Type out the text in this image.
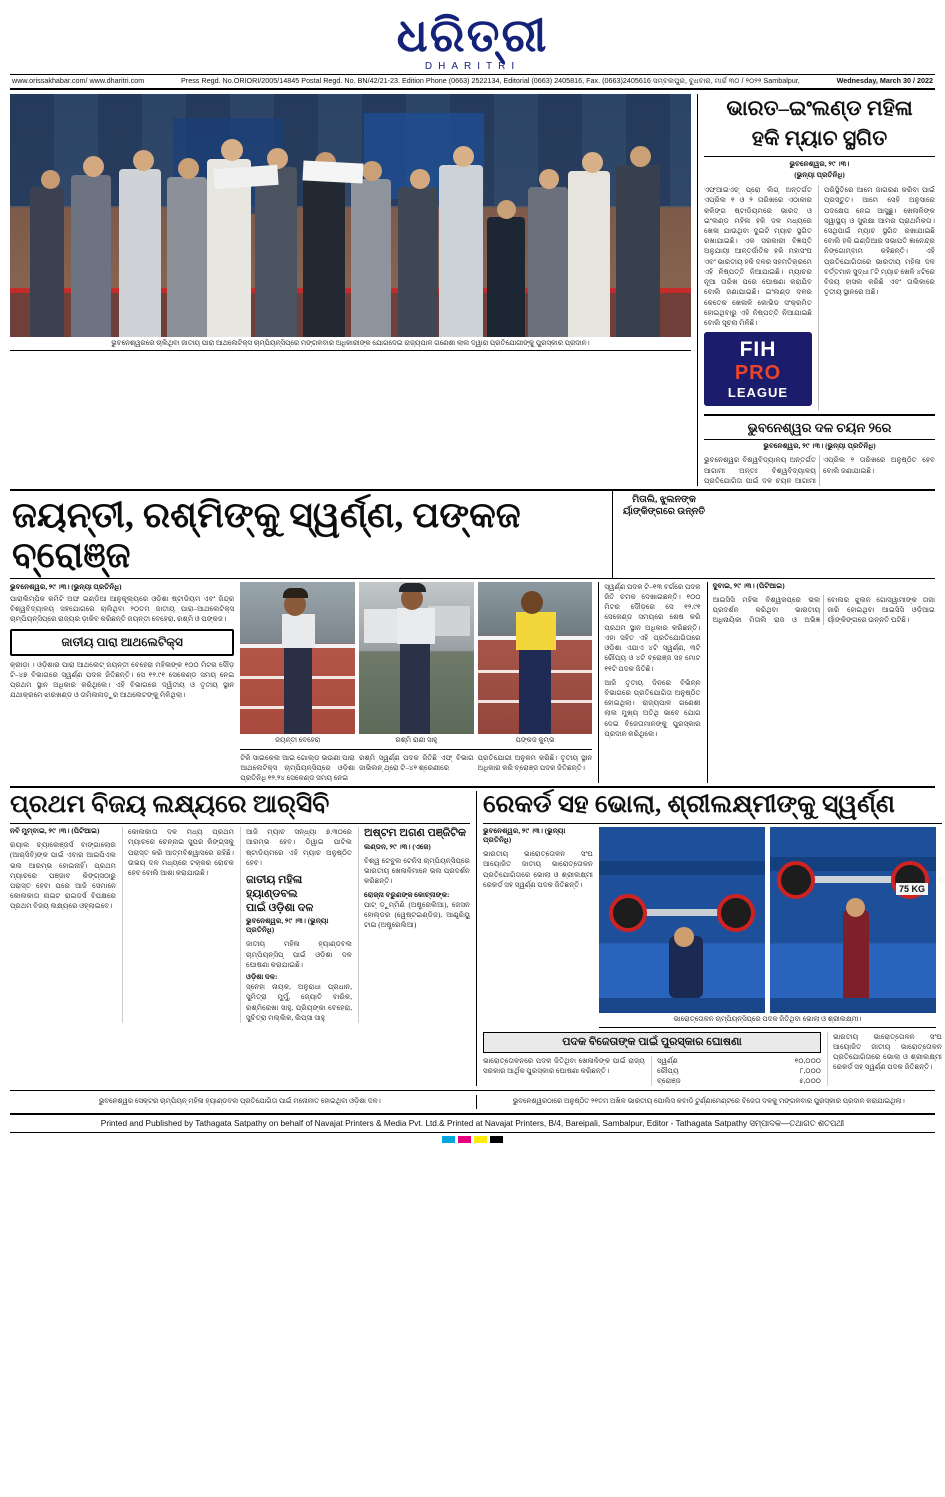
ଧରିତ୍ରୀ
DHARITRI
www.orissakhabar.com/ www.dharitri.com	Press Regd. No.ORIORI/2005/14845 Postal Regd. No. BN/42/21-23. Edition Phone (0663) 2522134, Editorial (0663) 2405816, Fax. (0663)2405616 ସମ୍ବଲପୁର, ବୁଧବାର, ମାର୍ଚ୍ଚ ୩୦ / ୨୦୨୨ Sambalpur,	Wednesday, March 30 / 2022
ଭୁବନେଶ୍ୱରରେ ଚାଲିଥିବା ଜାତୀୟ ପାରା ଆଥଲେଟିକ୍ସ ଚାମ୍ପିୟନ୍‌ସିପ୍‌ରେ ମଙ୍ଗଳବାର ଅଧିକାରୀଙ୍କ ଯୋଗଦେଇ ରାଜ୍ୟପାଳ ଗଣେଶୀ ଲାଲ ଦ୍ୱାରା ପ୍ରତିଯୋଗୀଙ୍କୁ ପୁରସ୍କାର ପ୍ରଦାନ।
ଭାରତ–ଇଂଲଣ୍ଡ ମହିଳା
ହକି ମ୍ୟାଚ ସ୍ଥଗିତ
ଭୁବନେଶ୍ୱର, ୨୯ ।୩।
(ଭୁନ୍ୟା ପ୍ରତିନିଧି)
ଏଫ୍‌ଆଇଏଚ୍‌ ପ୍ରୋ ଲିଗ୍‌ ଅନ୍ତର୍ଗତ ଏପ୍ରିଲ ୧ ଓ ୨ ତାରିଖରେ ଏଠାକାର କଳିଙ୍ଗ ଷ୍ଟାଡିୟମରେ ଭାରତ ଓ ଇଂଲଣ୍ଡ ମହିଳା ହକି ଦଳ ମଧ୍ୟରେ ଖେଳା ଯାଉଥିବା ଦୁଇଟି ମ୍ୟାଚ ସ୍ଥଗିତ ରଖାଯାଇଛି। ଏକ ସରକାରୀ ବିଜ୍ଞପ୍ତି ଅନୁଯାୟୀ ଆନ୍ତର୍ଜାତିକ ହକି ମହାସଂଘ ଏବଂ ଭାରତୀୟ ହକି ଦଳର ସହମତିକ୍ରମେ ଏହି ନିଷ୍ପତ୍ତି ନିଆଯାଇଛି। ମ୍ୟାଚର ନୂଆ ତାରିଖ ପରେ ଘୋଷଣା କରାଯିବ ବୋଲି ଜଣାଯାଇଛି। ଇଂଲଣ୍ଡ ଦଳର କେତେକ ଖେଳାଳି କୋଭିଡ ସଂକ୍ରମିତ ହୋଇଥିବାରୁ ଏହି ନିଷ୍ପତ୍ତି ନିଆଯାଇଛି ବୋଲି ସୂଚନା ମିଳିଛି।
FIH
PRO
LEAGUE
ପରିସ୍ଥିତିରେ ଆମେ ଜାଗରଣ କରିବା ପାଇଁ ପ୍ରସ୍ତୁତ। ଆମେ ସେହି ଅନୁସାରେ ପଦକ୍ଷେପ ନେଇ ଆସୁଛୁ। ଖେଳାଳିଙ୍କ ସ୍ୱାସ୍ଥ୍ୟ ଓ ସୁରକ୍ଷା ଆମର ପ୍ରାଥମିକତା। ସେଥିପାଇଁ ମ୍ୟାଚ ସ୍ଥଗିତ ରଖାଯାଇଛି ବୋଲି ହକି ଇଣ୍ଡିଆର ସଭାପତି ଜ୍ଞାନେନ୍ଦ୍ର ନିଙ୍ଗୋମ୍ବାମ କହିଛନ୍ତି। ଏହି ପ୍ରତିଯୋଗିତାରେ ଭାରତୀୟ ମହିଳା ଦଳ ବର୍ତ୍ତମାନ ସୁଦ୍ଧା ୮ଟି ମ୍ୟାଚ ଖେଳି ୪ଟିରେ ବିଜୟ ହାସଲ କରିଛି ଏବଂ ତାଲିକାରେ ତୃତୀୟ ସ୍ଥାନରେ ଅଛି।
ଭୁବନେଶ୍ୱର ଦଳ ଚୟନ ୨ରେ
ଭୁବନେଶ୍ୱର, ୨୯ ।୩। (ଭୁନ୍ୟା ପ୍ରତିନିଧି)
ଭୁବନେଶ୍ୱର ବିଶ୍ୱବିଦ୍ୟାଳୟ ଅନ୍ତର୍ଗତ ଆଗାମୀ ଅନ୍ତଃ ବିଶ୍ୱବିଦ୍ୟାଳୟ ପ୍ରତିଯୋଗିତା ପାଇଁ ଦଳ ଚୟନ ଆଗାମୀ ଏପ୍ରିଲ ୨ ତାରିଖରେ ଅନୁଷ୍ଠିତ ହେବ ବୋଲି ଜଣାଯାଇଛି।
ଜୟନ୍ତୀ, ରଶ୍ମିଙ୍କୁ ସ୍ୱର୍ଣ୍ଣ, ପଙ୍କଜ ବ୍ରୋଞ୍ଜ
ମିତାଲି, ଝୁଲନଙ୍କ
ର୍ୟାଙ୍କିଙ୍ଗରେ ଉନ୍ନତି
ଭୁବନେଶ୍ୱର, ୨୯ ।୩। (ଭୁନ୍ୟା ପ୍ରତିନିଧି)
ପାରାଲିମ୍ପିକ କମିଟି ଅଫ ଇଣ୍ଡିଆ ଆନୁକୂଲ୍ୟରେ ଓଡ଼ିଶା ଷ୍ଟାଡିୟମ ଏବଂ ଜିନ୍ଦ୍ର ବିଶ୍ୱବିଦ୍ୟାଳୟ ସହଯୋଗରେ ଚାଲିଥିବା ୨୦ତମ ଜାତୀୟ ପାରା–ଆଥଲେଟିକ୍ସ ଚାମ୍ପିୟନ୍‌ସିପ୍‌ରେ ରାଜ୍ୟର ଡ଼ାକିବ କରିଛନ୍ତି ଜୟନ୍ତୀ ବେହେରା, ରଶ୍ମି ଓ ପଙ୍କଜ।
ଜାତୀୟ ପାରା ଆଥଲେଟିକ୍ସ
କ୍ରୀଡ଼ା । ଓଡ଼ିଶାର ପାରା ଆଥଲେଟ୍ ଜୟନ୍ତୀ ବେହେରା ମହିଳାଙ୍କ ୧୦୦ ମିଟର ଦୌଡ଼ ଟି–୪୭ ବିଭାଗରେ ସ୍ୱର୍ଣ୍ଣ ପଦକ ଜିତିଛନ୍ତି। ସେ ୧୨.୯୧ ସେକେଣ୍ଡ ସମୟ ନେଇ ପ୍ରଥମ ସ୍ଥାନ ଅଧିକାର କରିଥିଲେ। ଏହି ବିଭାଗରେ ଦ୍ୱିତୀୟ ଓ ତୃତୀୟ ସ୍ଥାନ ଯଥାକ୍ରମେ ଝାରଖଣ୍ଡ ଓ ତାମିଲନାଡ଼ୁର ଆଥଲେଟଙ୍କୁ ମିଳିଥିଲା।
ଜୟନ୍ତୀ ବେହେରା	ରଶ୍ମି ରାଣୀ ସାହୁ	ପଙ୍କଜ କୁମ୍ଭ
ଟିକି ସାଇକେଲ ଆଇ ଗୋଲ୍‌ଡ ଭଉଣୀ ପାରା ଆଥଲେଟିକ୍‌ସ ଚାମ୍ପିୟନ୍‌ସିପ୍‌ରେ ଓଡ଼ିଶା ପ୍ରତିନିଧି ୧୨.୨୪ ସେକେଣ୍ଡ ସମୟ ନେଇ
ରଶ୍ମି ସ୍ୱର୍ଣ୍ଣ ପଦକ ଜିତିଛି ଏଫ୍‌ ବିଭାଗ ଜାଭିଲନ୍ ଥ୍ରୋ ଟି–୪୨ ଶ୍ରେଣୀରେ
ପ୍ରତିଯୋଗୀ ଅନୁକମ କରିଛି। ତୃତୀୟ ସ୍ଥାନ ଅଧିକାର କରି ବ୍ରୋଞ୍ଜ ପଦକ ଜିତିଛନ୍ତି।
ସ୍ୱର୍ଣ୍ଣ ପଦକ ଟି–୧୩ ବର୍ଗରେ ପଦକ ଜିତି ଚମକ ଦେଖାଇଛନ୍ତି। ୧୦୦ ମିଟର ଦୌଡ଼ରେ ସେ ୧୨.୯୧ ସେକେଣ୍ଡ ସମୟରେ ଶେଷ କରି ପ୍ରଥମ ସ୍ଥାନ ଅଧିକାର କରିଛନ୍ତି। ଏହା ସହିତ ଏହି ପ୍ରତିଯୋଗିତାରେ ଓଡ଼ିଶା ଏଯାଏ ୪ଟି ସ୍ୱର୍ଣ୍ଣ, ୩ଟି ରୌପ୍ୟ ଓ ୪ଟି ବ୍ରୋଞ୍ଜ ସହ ମୋଟ ୧୧ଟି ପଦକ ଜିତିଛି।
ଆଜି ତୃତୀୟ ଦିନରେ ବିଭିନ୍ନ ବିଭାଗରେ ପ୍ରତିଯୋଗିତା ଅନୁଷ୍ଠିତ ହୋଇଥିଲା। ରାଜ୍ୟପାଳ ଗଣେଶୀ ଲାଲ ମୁଖ୍ୟ ଅତିଥି ଭାବେ ଯୋଗ ଦେଇ ବିଜେତାମାନଙ୍କୁ ପୁରସ୍କାର ପ୍ରଦାନ କରିଥିଲେ।
ଦୁବାଇ, ୨୯ ।୩। (ପିଟିଆଇ)
ଆଇସିସି ମହିଳା ବିଶ୍ୱକପ୍‌ରେ ଭଲ ପ୍ରଦର୍ଶନ କରିଥିବା ଭାରତୀୟ ଅଧିନାୟିକା ମିତାଲି ରାଜ ଓ ଅଭିଜ୍ଞ ବୋଲର ଝୁଲନ ଗୋସ୍ୱାମୀଙ୍କ ତାଜା ଜାରି ହୋଇଥିବା ଆଇସିସି ଓଡ଼ିଆଇ ର୍ୟାଙ୍କିଙ୍ଗରେ ଉନ୍ନତି ଘଟିଛି।
ପ୍ରଥମ ବିଜୟ ଲକ୍ଷ୍ୟରେ ଆର୍‌ସିବି
ନବି ମୁମ୍ବାଇ, ୨୯ ।୩। (ପିଟିଆଇ)
ରୟାଲ ଚ୍ୟାଲେଞ୍ଜର୍ସ ବାଙ୍ଗାଲୋର (ଆର୍‌ସିବି)ଙ୍କ ପାଇଁ ଏବାର ଆଇପିଏଲ ଭଲ ଆରମ୍ଭ ହୋଇନାହିଁ। ପ୍ରଥମ ମ୍ୟାଚରେ ପଞ୍ଜାବ କିଙ୍ଗ୍‌ସଠାରୁ ପରାସ୍ତ ହେବା ପରେ ଆଜି ସେମାନେ କୋଲକାତା ନାଇଟ ରାଇଡର୍ସ ବିପକ୍ଷରେ ପ୍ରଥମ ବିଜୟ ଲକ୍ଷ୍ୟରେ ଓହ୍ଲାଇବେ।
କୋଲକାତା ଦଳ ମଧ୍ୟ ପ୍ରଥମ ମ୍ୟାଚରେ ଚେନ୍ନାଇ ସୁପର କିଙ୍ଗ୍‌ସକୁ ପରାସ୍ତ କରି ଆତ୍ମବିଶ୍ୱାସରେ ରହିଛି। ଉଭୟ ଦଳ ମଧ୍ୟରେ ଟକ୍କର ରୋଚକ ହେବ ବୋଲି ଆଶା କରାଯାଉଛି।
ଆଜି ମ୍ୟାଚ ସନ୍ଧ୍ୟା ୭.୩୦ରେ ଆରମ୍ଭ ହେବ। ଡିୱାଇ ପାଟିଲ ଷ୍ଟାଡିୟମରେ ଏହି ମ୍ୟାଚ ଅନୁଷ୍ଠିତ ହେବ।
ଜାତୀୟ ମହିଳା ହ୍ୟାଣ୍ଡବଲ
ପାଇଁ ଓଡ଼ିଶା ଦଳ
ଭୁବନେଶ୍ୱର, ୨୯ ।୩। (ଭୁନ୍ୟା ପ୍ରତିନିଧି)
ଜାତୀୟ ମହିଳା ହ୍ୟାଣ୍ଡବଲ ଚାମ୍ପିୟନ୍‌ସିପ୍ ପାଇଁ ଓଡ଼ିଶା ଦଳ ଘୋଷଣା କରାଯାଇଛି।
ଓଡ଼ିଶା ଦଳ:
ସ୍ନେହା ନାୟକ, ଅନୁରାଧା ପ୍ରଧାନ, ସୁମିତ୍ରା ମୁର୍ମୁ, ଜ୍ୟୋତି ବାରିକ, ରଶ୍ମିରେଖା ସାହୁ, ପ୍ରିୟଙ୍କା ବେହେରା, ସୁଚିତ୍ରା ମଲ୍ଲିକ, ଲିପ୍ସା ସାହୁ
ଅଷ୍ଟମ ଅଗଣ ପଞ୍ଜିଟିକ
ଲଣ୍ଡନ, ୨୯ ।୩। (ଏଜେ)
ବିଶ୍ୱ ଟେବୁଲ ଟେନିସ ଚାମ୍ପିୟନ୍‌ସିପ୍‌ରେ ଭାରତୀୟ ଖେଳାଳିମାନେ ଭଲ ପ୍ରଦର୍ଶନ କରିଛନ୍ତି।
ରୋଜ୍‌ନା ବରୁଣଙ୍କ କୋଚ୍‌ନାଙ୍କ:
ପାଟ୍ ଡ଼ୁମ୍ମିଣି (ଅଷ୍ଟ୍ରେଲିଆ), ଜେସନ ହୋଲ୍ଡର (ୱେଷ୍ଟଇଣ୍ଡିଜ), ଆଣ୍ଡ୍ରିୟୁ ଟାଇ (ଅଷ୍ଟ୍ରେଲିଆ)
ରେକର୍ଡ ସହ ଭୋଲା, ଶ୍ରୀଲକ୍ଷ୍ମୀଙ୍କୁ ସ୍ୱର୍ଣ୍ଣ
ଭୁବନେଶ୍ୱର, ୨୯ ।୩। (ଭୁନ୍ୟା ପ୍ରତିନିଧି)
ଭାରତୀୟ ଭାରୋତ୍ତୋଳନ ସଂଘ ଆୟୋଜିତ ଜାତୀୟ ଭାରୋତ୍ତୋଳନ ପ୍ରତିଯୋଗିତାରେ ଭୋଲା ଓ ଶ୍ରୀଲକ୍ଷ୍ମୀ ରେକର୍ଡ ସହ ସ୍ୱର୍ଣ୍ଣ ପଦକ ଜିତିଛନ୍ତି।	75 KG
ଭାରୋତ୍ତୋଳନ ଚାମ୍ପିୟନ୍‌ସିପ୍‌ରେ ପଦକ ଜିତିଥିବା ଭୋଲା ଓ ଶ୍ରୀଲକ୍ଷ୍ମୀ।
ପଦକ ବିଜେତାଙ୍କ ପାଇଁ ପୁରସ୍କାର ଘୋଷଣା
ଭାରୋତ୍ତୋଳନରେ ପଦକ ଜିତିଥିବା ଖେଳାଳିଙ୍କ ପାଇଁ ରାଜ୍ୟ ସରକାର ଆର୍ଥିକ ପୁରସ୍କାର ଘୋଷଣା କରିଛନ୍ତି।
ସ୍ୱର୍ଣ୍ଣ	୧୦,୦୦୦
ରୌପ୍ୟ	୮,୦୦୦
ବ୍ରୋଞ୍ଜ	୫,୦୦୦
ଭାରତୀୟ ଭାରୋତ୍ତୋଳନ ସଂଘ ଆୟୋଜିତ ଜାତୀୟ ଭାରୋତ୍ତୋଳନ ପ୍ରତିଯୋଗିତାରେ ଭୋଲା ଓ ଶ୍ରୀଲକ୍ଷ୍ମୀ ରେକର୍ଡ ସହ ସ୍ୱର୍ଣ୍ଣ ପଦକ ଜିତିଛନ୍ତି।
ଭୁବନେଶ୍ୱର ସେକ୍ଟର ଚାମ୍ପିୟନ୍ ମହିଳା ହ୍ୟାଣ୍ଡବଲ ପ୍ରତିଯୋଗିତା ପାଇଁ ମନୋନୀତ ହୋଇଥିବା ଓଡ଼ିଶା ଦଳ।	ଭୁବନେଶ୍ୱରଠାରେ ଅନୁଷ୍ଠିତ ୨୧ତମ ଅଖିଳ ଭାରତୀୟ ପୋଲିସ କବାଡି ଟୁର୍ଣ୍ଣାମେଣ୍ଟରେ ବିଜେତା ଦଳକୁ ମଙ୍ଗଳବାର ପୁରସ୍କାର ପ୍ରଦାନ କରାଯାଇଥିଲା।
Printed and Published by Tathagata Satpathy on behalf of Navajat Printers & Media Pvt. Ltd.& Printed at Navajat Printers, B/4, Bareipali, Sambalpur, Editor - Tathagata Satpathy ସମ୍ପାଦକ—ତଥାଗତ ଶତପଥୀ
